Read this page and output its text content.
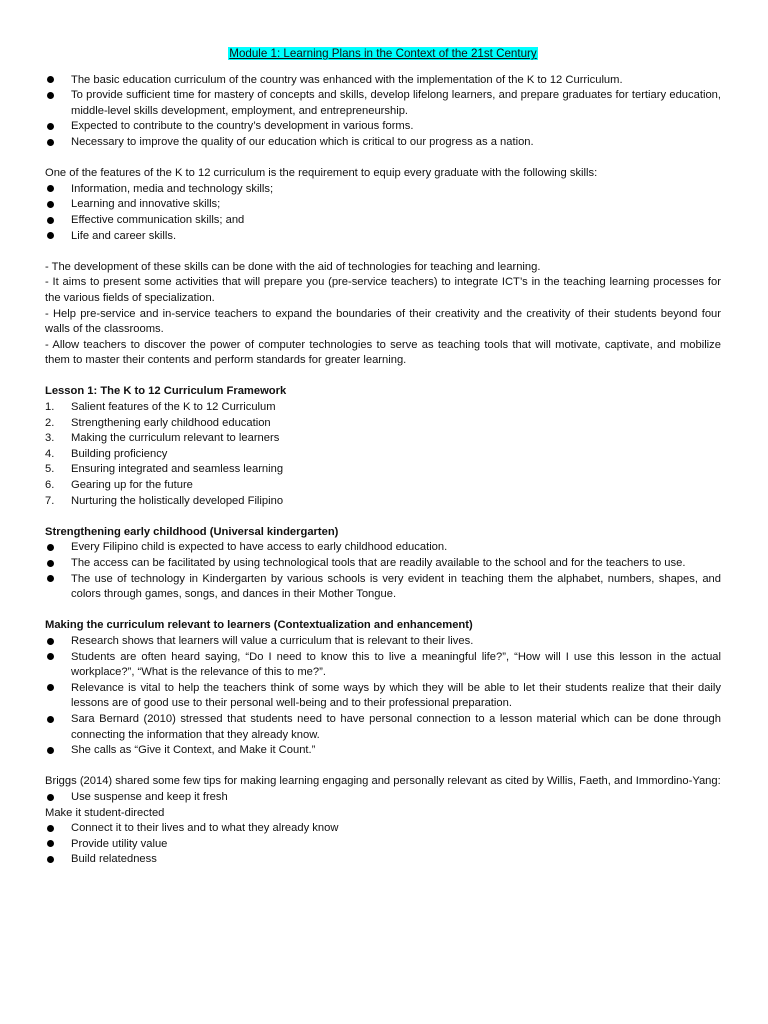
Module 1: Learning Plans in the Context of the 21st Century
The basic education curriculum of the country was enhanced with the implementation of the K to 12 Curriculum.
To provide sufficient time for mastery of concepts and skills, develop lifelong learners, and prepare graduates for tertiary education, middle-level skills development, employment, and entrepreneurship.
Expected to contribute to the country’s development in various forms.
Necessary to improve the quality of our education which is critical to our progress as a nation.

One of the features of the K to 12 curriculum is the requirement to equip every graduate with the following skills:

Information, media and technology skills;
Learning and innovative skills;
Effective communication skills; and
Life and career skills.

- The development of these skills can be done with the aid of technologies for teaching and learning.

- It aims to present some activities that will prepare you (pre-service teachers) to integrate ICT’s in the teaching learning processes for the various fields of specialization.

- Help pre-service and in-service teachers to expand the boundaries of their creativity and the creativity of their students beyond four walls of the classrooms.

- Allow teachers to discover the power of computer technologies to serve as teaching tools that will motivate, captivate, and mobilize them to master their contents and perform standards for greater learning.

Lesson 1: The K to 12 Curriculum Framework

1. Salient features of the K to 12 Curriculum
2. Strengthening early childhood education
3. Making the curriculum relevant to learners
4. Building proficiency
5. Ensuring integrated and seamless learning
6. Gearing up for the future
7. Nurturing the holistically developed Filipino

Strengthening early childhood (Universal kindergarten)

Every Filipino child is expected to have access to early childhood education.
The access can be facilitated by using technological tools that are readily available to the school and for the teachers to use.
The use of technology in Kindergarten by various schools is very evident in teaching them the alphabet, numbers, shapes, and colors through games, songs, and dances in their Mother Tongue.

Making the curriculum relevant to learners (Contextualization and enhancement)

Research shows that learners will value a curriculum that is relevant to their lives.
Students are often heard saying, “Do I need to know this to live a meaningful life?”, “How will I use this lesson in the actual workplace?”, “What is the relevance of this to me?”.
Relevance is vital to help the teachers think of some ways by which they will be able to let their students realize that their daily lessons are of good use to their personal well-being and to their professional preparation.
Sara Bernard (2010) stressed that students need to have personal connection to a lesson material which can be done through connecting the information that they already know.
She calls as “Give it Context, and Make it Count.”

Briggs (2014) shared some few tips for making learning engaging and personally relevant as cited by Willis, Faeth, and Immordino-Yang:

Use suspense and keep it fresh

Make it student-directed

Connect it to their lives and to what they already know
Provide utility value
Build relatedness
